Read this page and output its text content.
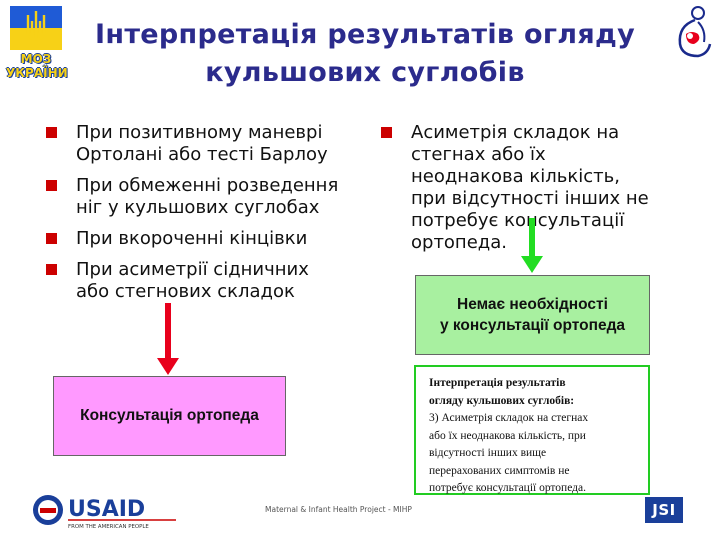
МОЗ
УКРАЇНИ
Інтерпретація результатів огляду
кульшових суглобів
При позитивному маневрі
Ортолані або тесті Барлоу
При обмеженні розведення
ніг у кульшових суглобах
При вкороченні кінцівки
При асиметрії сідничних
або стегнових складок
Асиметрія складок на
стегнах або їх
неоднакова кількість,
при відсутності інших не
потребує консультації
ортопеда.
Консультація ортопеда
Немає необхідності
у консультації ортопеда
Інтерпретація результатів
огляду кульшових суглобів:
3) Асиметрія складок на стегнах
або їх неоднакова кількість, при
відсутності інших вище
перерахованих симптомів не
потребує консультації ортопеда.
USAID
FROM THE AMERICAN PEOPLE
Maternal & Infant Health Project - MIHP	JSI
